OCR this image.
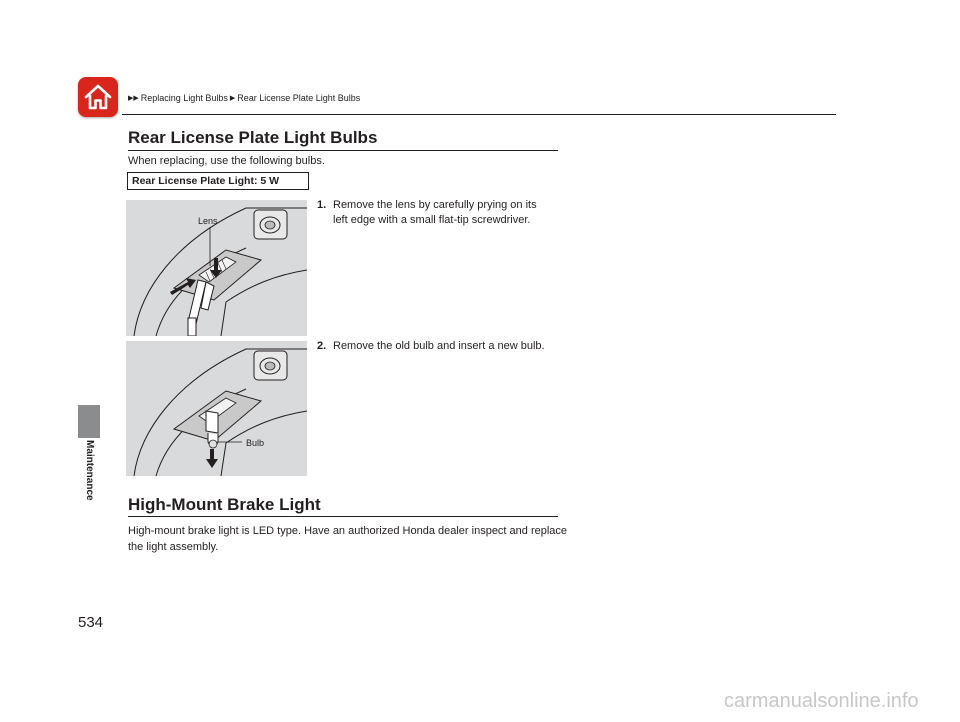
▶▶ Replacing Light Bulbs ▶ Rear License Plate Light Bulbs
Maintenance
534
Rear License Plate Light Bulbs
When replacing, use the following bulbs.
Rear License Plate Light: 5 W
Lens
1. Remove the lens by carefully prying on its
left edge with a small flat-tip screwdriver.
Bulb
2. Remove the old bulb and insert a new bulb.
High-Mount Brake Light
High-mount brake light is LED type. Have an authorized Honda dealer inspect and replace the light assembly.
carmanualsonline.info
